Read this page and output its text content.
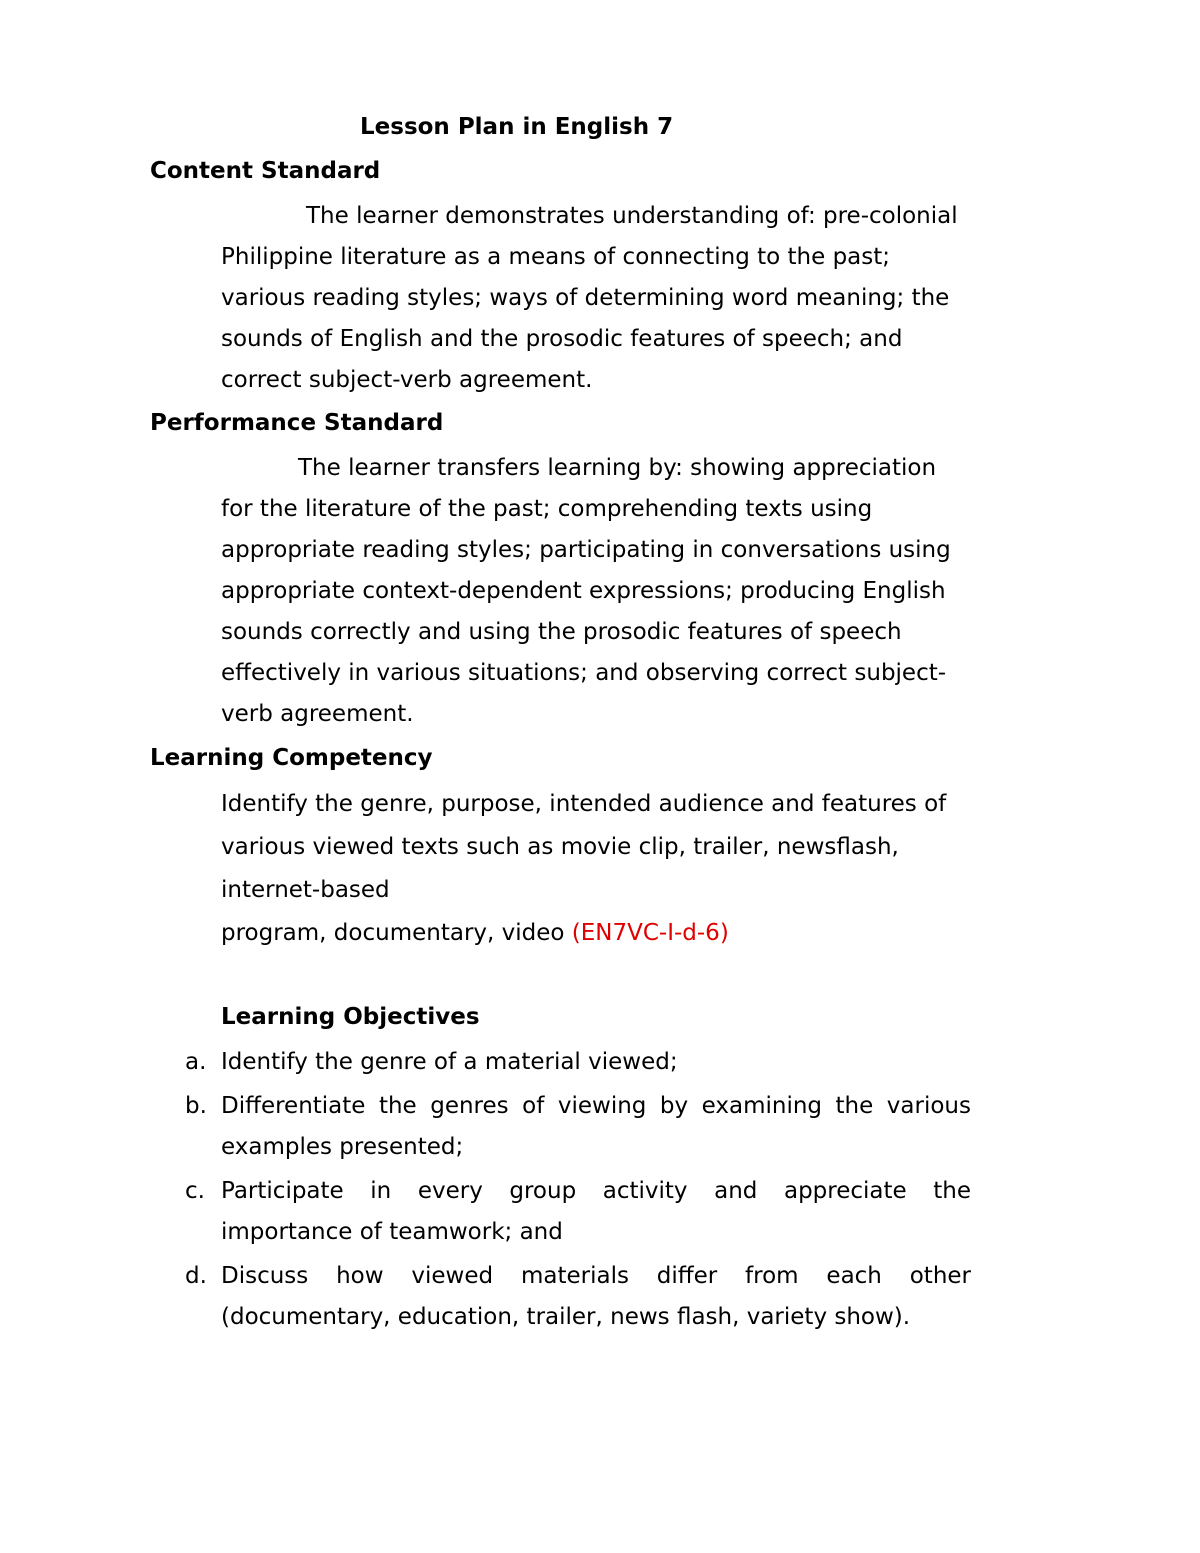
Lesson Plan in English 7
Content Standard

The learner demonstrates understanding of: pre-colonial Philippine literature as a means of connecting to the past; various reading styles; ways of determining word meaning; the sounds of English and the prosodic features of speech; and correct subject-verb agreement.

Performance Standard

The learner transfers learning by: showing appreciation for the literature of the past; comprehending texts using appropriate reading styles; participating in conversations using appropriate context-dependent expressions; producing English sounds correctly and using the prosodic features of speech effectively in various situations; and observing correct subject-verb agreement.

Learning Competency

Identify the genre, purpose, intended audience and features of various viewed texts such as movie clip, trailer, newsflash, internet-based
program, documentary, video (EN7VC-I-d-6)

Learning Objectives
a. Identify the genre of a material viewed;
b. Differentiate the genres of viewing by examining the various examples presented;
c. Participate in every group activity and appreciate the importance of teamwork; and
d. Discuss how viewed materials differ from each other (documentary, education, trailer, news flash, variety show).
